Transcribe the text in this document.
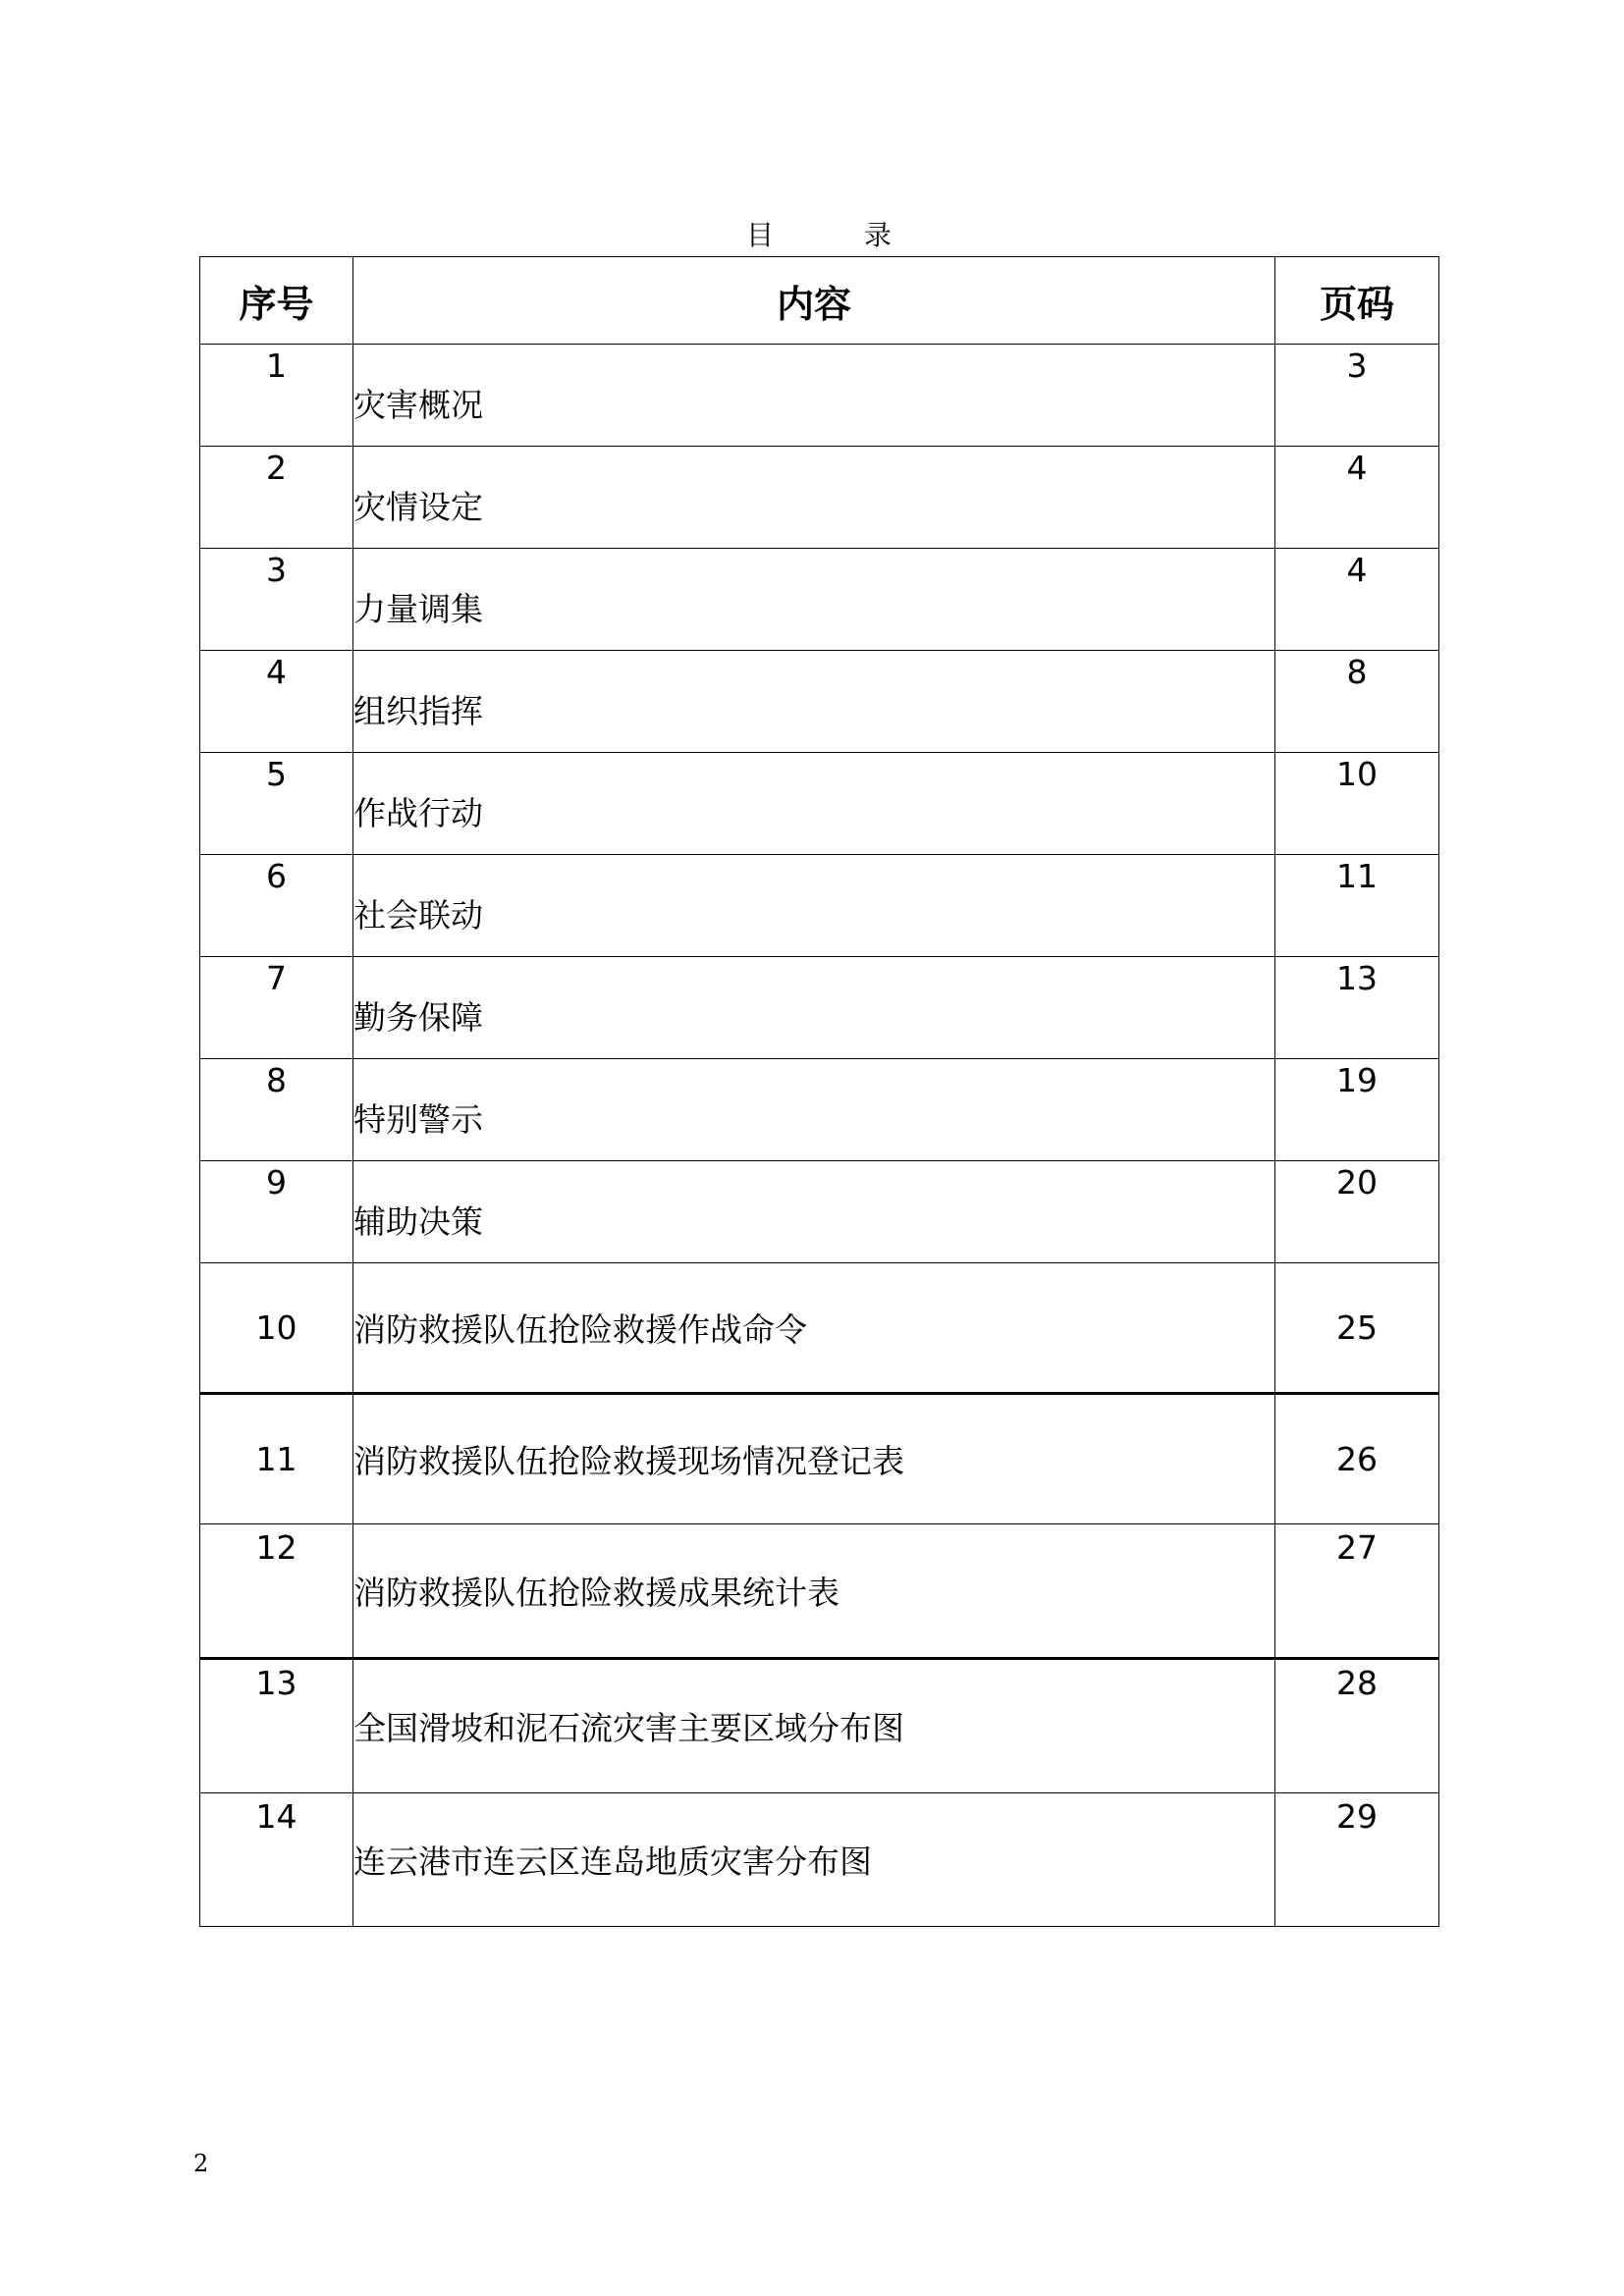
目	录
序号	内容	页码
1	灾害概况	3
2	灾情设定	4
3	力量调集	4
4	组织指挥	8
5	作战行动	10
6	社会联动	11
7	勤务保障	13
8	特别警示	19
9	辅助决策	20
10	消防救援队伍抢险救援作战命令	25
11	消防救援队伍抢险救援现场情况登记表	26
12	消防救援队伍抢险救援成果统计表	27
13	全国滑坡和泥石流灾害主要区域分布图	28
14	连云港市连云区连岛地质灾害分布图	29
2
